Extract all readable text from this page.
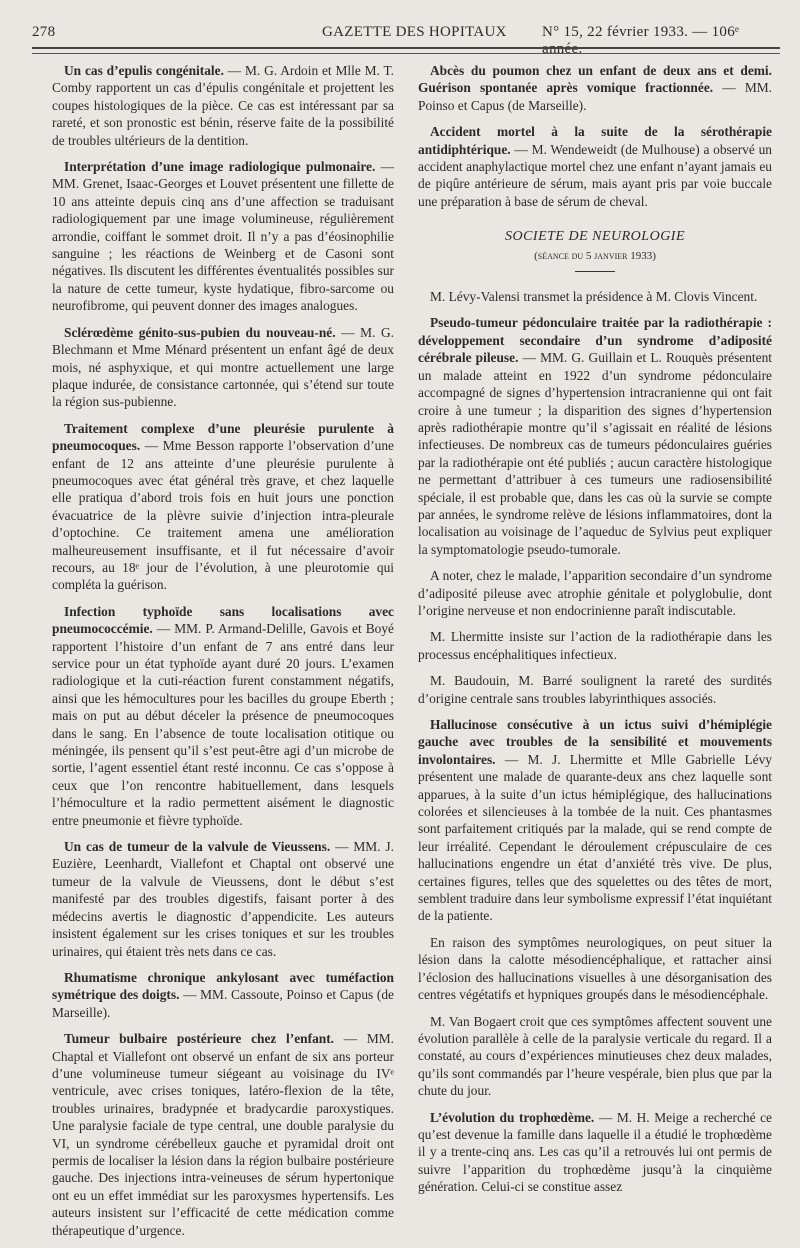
278	GAZETTE DES HOPITAUX N° 15, 22 février 1933. — 106ᵉ année.

Un cas d’epulis congénitale. — M. G. Ardoin et Mlle M. T. Comby rapportent un cas d’épulis congénitale et projettent les coupes histologiques de la pièce. Ce cas est intéressant par sa rareté, et son pronostic est bénin, réserve faite de la possibilité de troubles ultérieurs de la dentition.

Interprétation d’une image radiologique pulmonaire. — MM. Grenet, Isaac-Georges et Louvet présentent une fillette de 10 ans atteinte depuis cinq ans d’une affection se traduisant radiologiquement par une image volumineuse, régulièrement arrondie, coiffant le sommet droit. Il n’y a pas d’éosinophilie sanguine ; les réactions de Weinberg et de Casoni sont négatives. Ils discutent les différentes éventualités possibles sur la nature de cette tumeur, kyste hydatique, fibro-sarcome ou neurofibrome, qui peuvent donner des images analogues.

Sclérœdème génito-sus-pubien du nouveau-né. — M. G. Blechmann et Mme Ménard présentent un enfant âgé de deux mois, né asphyxique, et qui montre actuellement une large plaque indurée, de consistance cartonnée, qui s’étend sur toute la région sus-pubienne.

Traitement complexe d’une pleurésie purulente à pneumocoques. — Mme Besson rapporte l’observation d’une enfant de 12 ans atteinte d’une pleurésie purulente à pneumocoques avec état général très grave, et chez laquelle elle pratiqua d’abord trois fois en huit jours une ponction évacuatrice de la plèvre suivie d’injection intra-pleurale d’optochine. Ce traitement amena une amélioration malheureusement insuffisante, et il fut nécessaire d’avoir recours, au 18ᵉ jour de l’évolution, à une pleurotomie qui compléta la guérison.

Infection typhoïde sans localisations avec pneumococcémie. — MM. P. Armand-Delille, Gavois et Boyé rapportent l’histoire d’un enfant de 7 ans entré dans leur service pour un état typhoïde ayant duré 20 jours. L’examen radiologique et la cuti-réaction furent constamment négatifs, ainsi que les hémocultures pour les bacilles du groupe Eberth ; mais on put au début déceler la présence de pneumocoques dans le sang. En l’absence de toute localisation otitique ou méningée, ils pensent qu’il s’est peut-être agi d’un microbe de sortie, l’agent essentiel étant resté inconnu. Ce cas s’oppose à ceux que l’on rencontre habituellement, dans lesquels l’hémoculture et la radio permettent aisément le diagnostic entre pneumonie et fièvre typhoïde.

Un cas de tumeur de la valvule de Vieussens. — MM. J. Euzière, Leenhardt, Viallefont et Chaptal ont observé une tumeur de la valvule de Vieussens, dont le début s’est manifesté par des troubles digestifs, faisant porter à des médecins avertis le diagnostic d’appendicite. Les auteurs insistent également sur les crises toniques et sur les troubles urinaires, qui étaient très nets dans ce cas.

Rhumatisme chronique ankylosant avec tuméfaction symétrique des doigts. — MM. Cassoute, Poinso et Capus (de Marseille).

Tumeur bulbaire postérieure chez l’enfant. — MM. Chaptal et Viallefont ont observé un enfant de six ans porteur d’une volumineuse tumeur siégeant au voisinage du IVᵉ ventricule, avec crises toniques, latéro-flexion de la tête, troubles urinaires, bradypnée et bradycardie paroxystiques. Une paralysie faciale de type central, une double paralysie du VI, un syndrome cérébelleux gauche et pyramidal droit ont permis de localiser la lésion dans la région bulbaire postérieure gauche. Des injections intra-veineuses de sérum hypertonique ont eu un effet immédiat sur les paroxysmes hypertensifs. Les auteurs insistent sur l’efficacité de cette médication comme thérapeutique d’urgence.

Abcès du poumon chez un enfant de deux ans et demi. Guérison spontanée après vomique fractionnée. — MM. Poinso et Capus (de Marseille).

Accident mortel à la suite de la sérothérapie antidiphtérique. — M. Wendeweidt (de Mulhouse) a observé un accident anaphylactique mortel chez une enfant n’ayant jamais eu de piqûre antérieure de sérum, mais ayant pris par voie buccale une préparation à base de sérum de cheval.

SOCIETE DE NEUROLOGIE
(séance du 5 janvier 1933)

M. Lévy-Valensi transmet la présidence à M. Clovis Vincent.

Pseudo-tumeur pédonculaire traitée par la radiothérapie : développement secondaire d’un syndrome d’adiposité cérébrale pileuse. — MM. G. Guillain et L. Rouquès présentent un malade atteint en 1922 d’un syndrome pédonculaire accompagné de signes d’hypertension intracranienne qui ont fait croire à une tumeur ; la disparition des signes d’hypertension après radiothérapie montre qu’il s’agissait en réalité de lésions infectieuses. De nombreux cas de tumeurs pédonculaires guéries par la radiothérapie ont été publiés ; aucun caractère histologique ne permettant d’attribuer à ces tumeurs une radiosensibilité spéciale, il est probable que, dans les cas où la survie se compte par années, le syndrome relève de lésions inflammatoires, dont la localisation au voisinage de l’aqueduc de Sylvius peut expliquer la symptomatologie pseudo-tumorale.

A noter, chez le malade, l’apparition secondaire d’un syndrome d’adiposité pileuse avec atrophie génitale et polyglobulie, dont l’origine nerveuse et non endocrinienne paraît indiscutable.

M. Lhermitte insiste sur l’action de la radiothérapie dans les processus encéphalitiques infectieux.

M. Baudouin, M. Barré soulignent la rareté des surdités d’origine centrale sans troubles labyrinthiques associés.

Hallucinose consécutive à un ictus suivi d’hémiplégie gauche avec troubles de la sensibilité et mouvements involontaires. — M. J. Lhermitte et Mlle Gabrielle Lévy présentent une malade de quarante-deux ans chez laquelle sont apparues, à la suite d’un ictus hémiplégique, des hallucinations colorées et silencieuses à la tombée de la nuit. Ces phantasmes sont parfaitement critiqués par la malade, qui se rend compte de leur irréalité. Cependant le déroulement crépusculaire de ces hallucinations engendre un état d’anxiété très vive. De plus, certaines figures, telles que des squelettes ou des têtes de mort, semblent traduire dans leur symbolisme expressif l’état inquiétant de la patiente.

En raison des symptômes neurologiques, on peut situer la lésion dans la calotte mésodiencéphalique, et rattacher ainsi l’éclosion des hallucinations visuelles à une désorganisation des centres végétatifs et hypniques groupés dans le mésodiencéphale.

M. Van Bogaert croit que ces symptômes affectent souvent une évolution parallèle à celle de la paralysie verticale du regard. Il a constaté, au cours d’expériences minutieuses chez deux malades, qu’ils sont commandés par l’heure vespérale, bien plus que par la chute du jour.

L’évolution du trophœdème. — M. H. Meige a recherché ce qu’est devenue la famille dans laquelle il a étudié le trophœdème il y a trente-cinq ans. Les cas qu’il a retrouvés lui ont permis de suivre l’apparition du trophœdème jusqu’à la cinquième génération. Celui-ci se constitue assez
